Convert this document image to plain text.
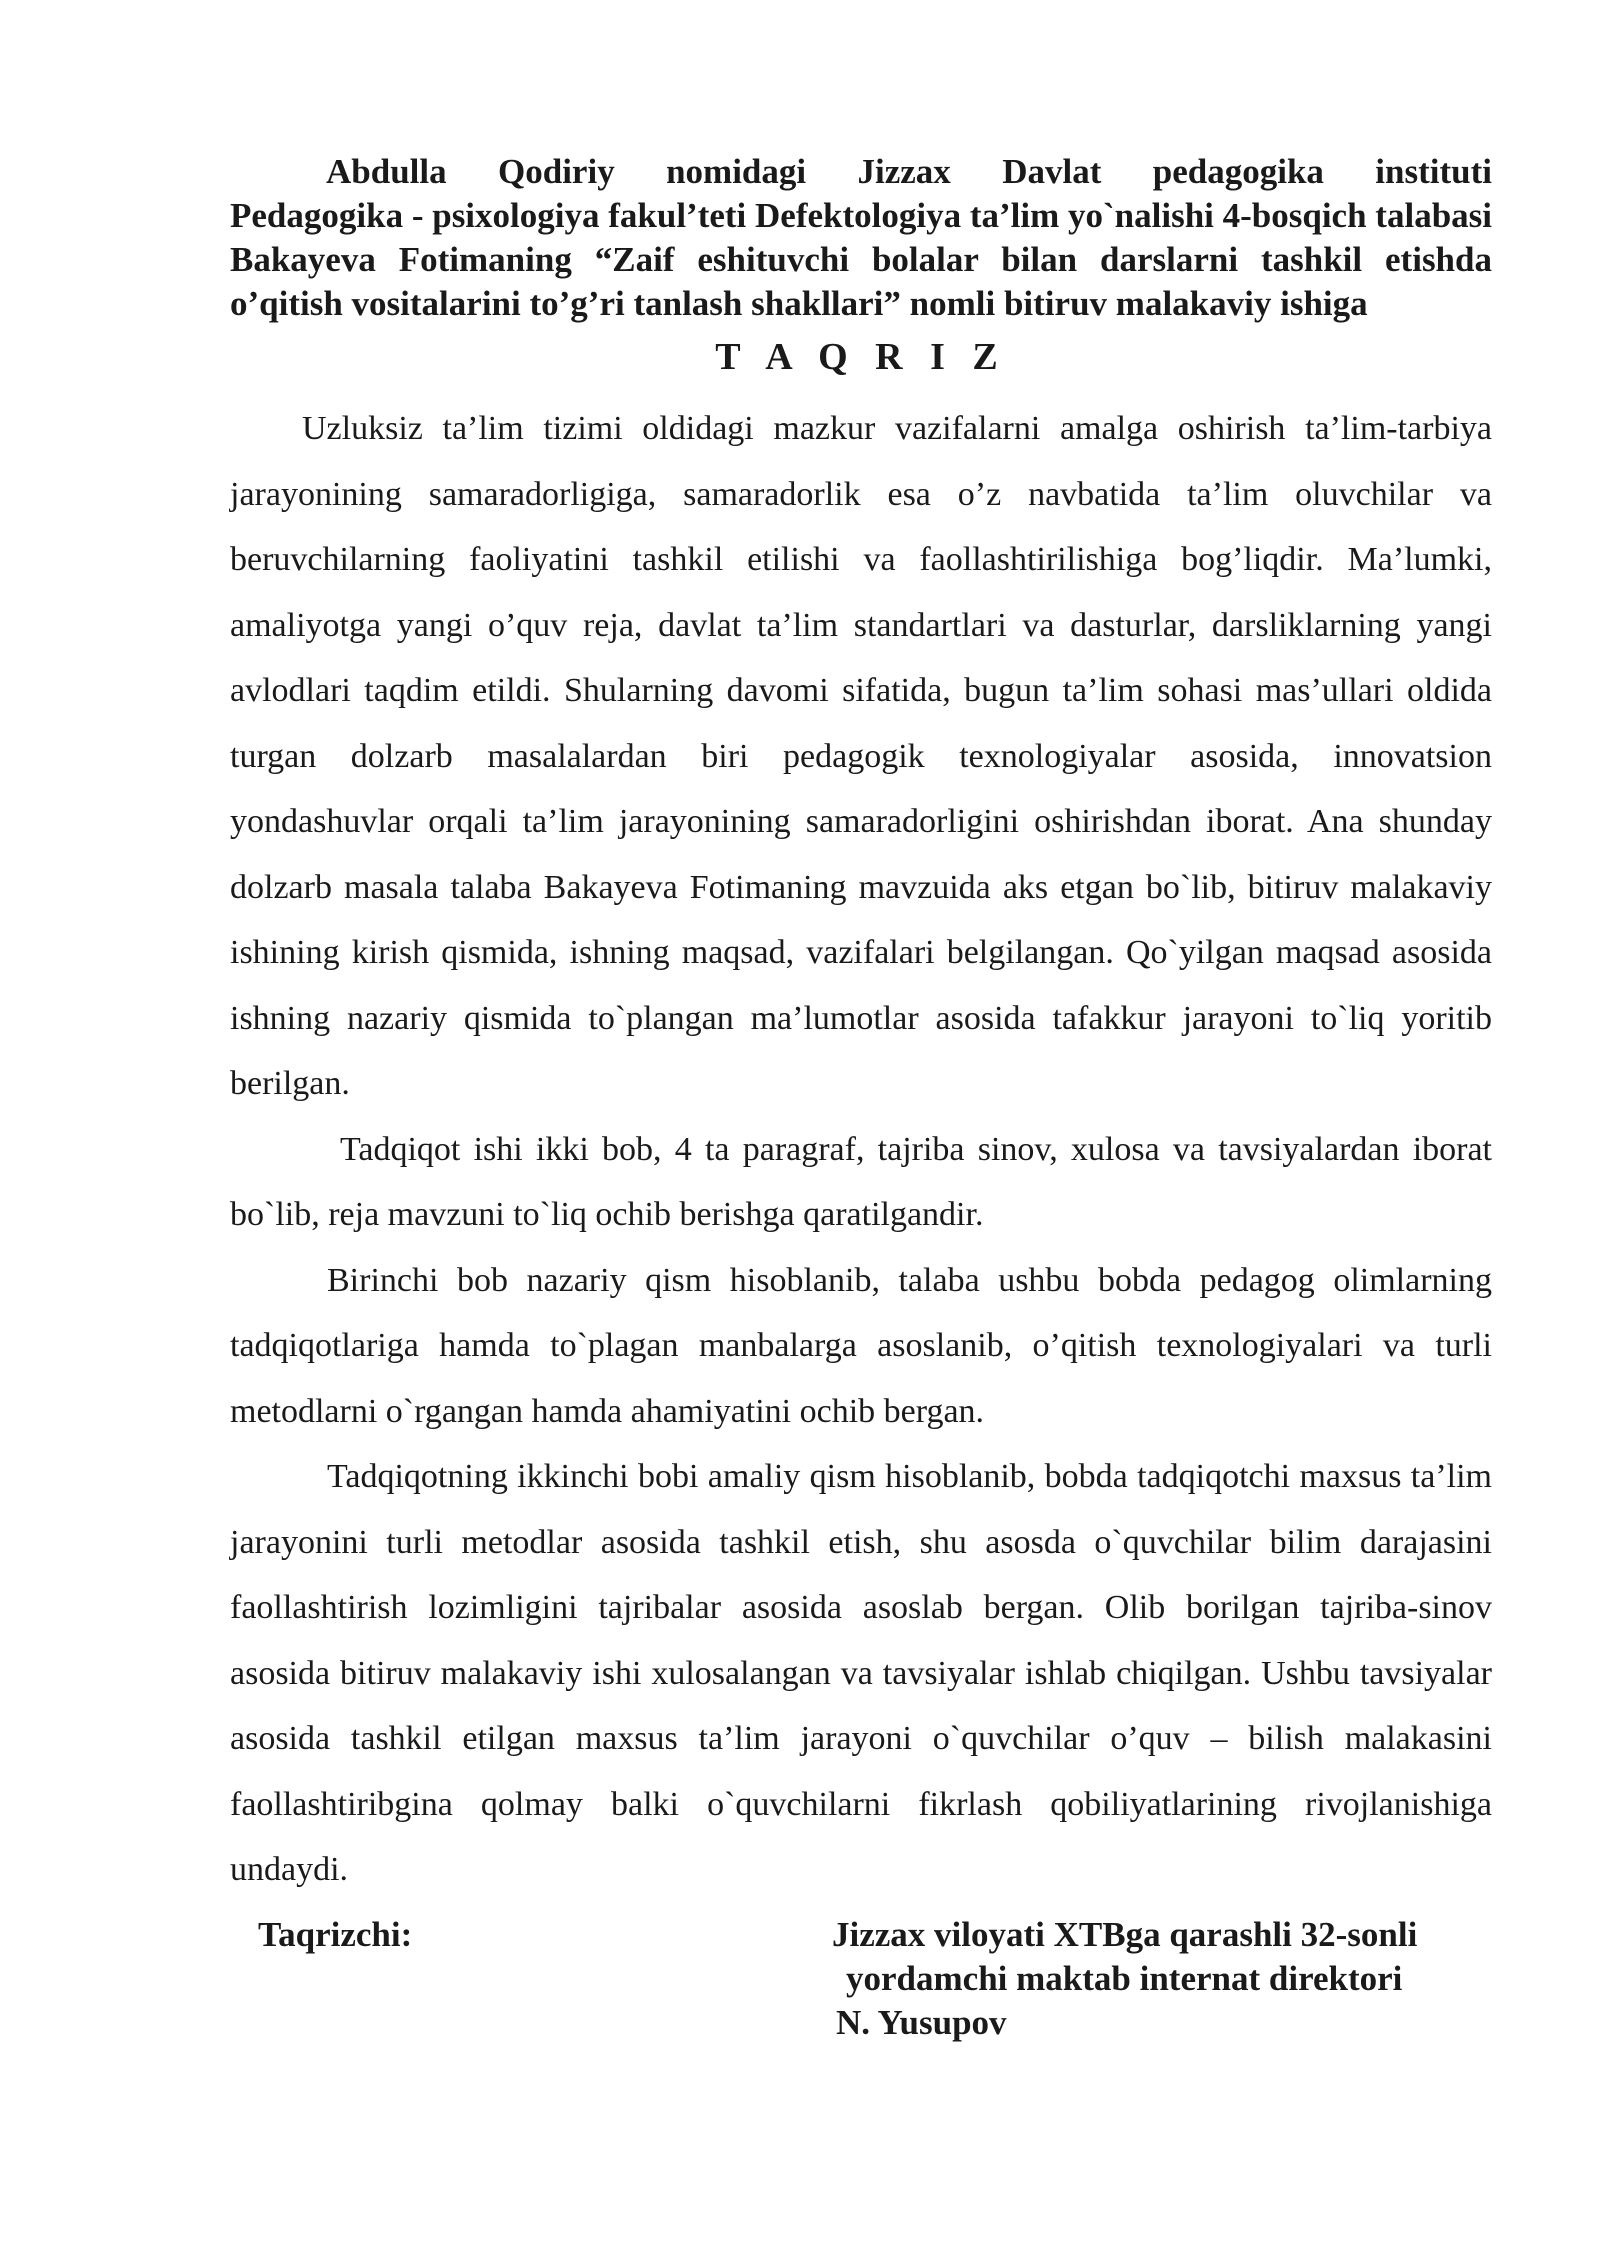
Abdulla Qodiriy nomidagi Jizzax Davlat pedagogika instituti
Pedagogika - psixologiya fakul’teti Defektologiya ta’lim yo`nalishi 4-bosqich talabasi Bakayeva Fotimaning “Zaif eshituvchi bolalar bilan darslarni tashkil etishda o’qitish vositalarini to’g’ri tanlash shakllari” nomli bitiruv malakaviy ishiga

T A Q R I Z

Uzluksiz ta’lim tizimi oldidagi mazkur vazifalarni amalga oshirish ta’lim-tarbiya jarayonining samaradorligiga, samaradorlik esa o’z navbatida ta’lim oluvchilar va beruvchilarning faoliyatini tashkil etilishi va faollashtirilishiga bog’liqdir. Ma’lumki, amaliyotga yangi o’quv reja, davlat ta’lim standartlari va dasturlar, darsliklarning yangi avlodlari taqdim etildi. Shularning davomi sifatida, bugun ta’lim sohasi mas’ullari oldida turgan dolzarb masalalardan biri pedagogik texnologiyalar asosida, innovatsion yondashuvlar orqali ta’lim jarayonining samaradorligini oshirishdan iborat. Ana shunday dolzarb masala talaba Bakayeva Fotimaning mavzuida aks etgan bo`lib, bitiruv malakaviy ishining kirish qismida, ishning maqsad, vazifalari belgilangan. Qo`yilgan maqsad asosida ishning nazariy qismida to`plangan ma’lumotlar asosida tafakkur jarayoni to`liq yoritib berilgan.

Tadqiqot ishi ikki bob, 4 ta paragraf, tajriba sinov, xulosa va tavsiyalardan iborat bo`lib, reja mavzuni to`liq ochib berishga qaratilgandir.

Birinchi bob nazariy qism hisoblanib, talaba ushbu bobda pedagog olimlarning tadqiqotlariga hamda to`plagan manbalarga asoslanib, o’qitish texnologiyalari va turli metodlarni o`rgangan hamda ahamiyatini ochib bergan.

Tadqiqotning ikkinchi bobi amaliy qism hisoblanib, bobda tadqiqotchi maxsus ta’lim jarayonini turli metodlar asosida tashkil etish, shu asosda o`quvchilar bilim darajasini faollashtirish lozimligini tajribalar asosida asoslab bergan. Olib borilgan tajriba-sinov asosida bitiruv malakaviy ishi xulosalangan va tavsiyalar ishlab chiqilgan. Ushbu tavsiyalar asosida tashkil etilgan maxsus ta’lim jarayoni o`quvchilar o’quv – bilish malakasini faollashtiribgina qolmay balki o`quvchilarni fikrlash qobiliyatlarining rivojlanishiga undaydi.

Taqrizchi:	Jizzax viloyati XTBga qarashli 32-sonli
yordamchi maktab internat direktori
N. Yusupov
